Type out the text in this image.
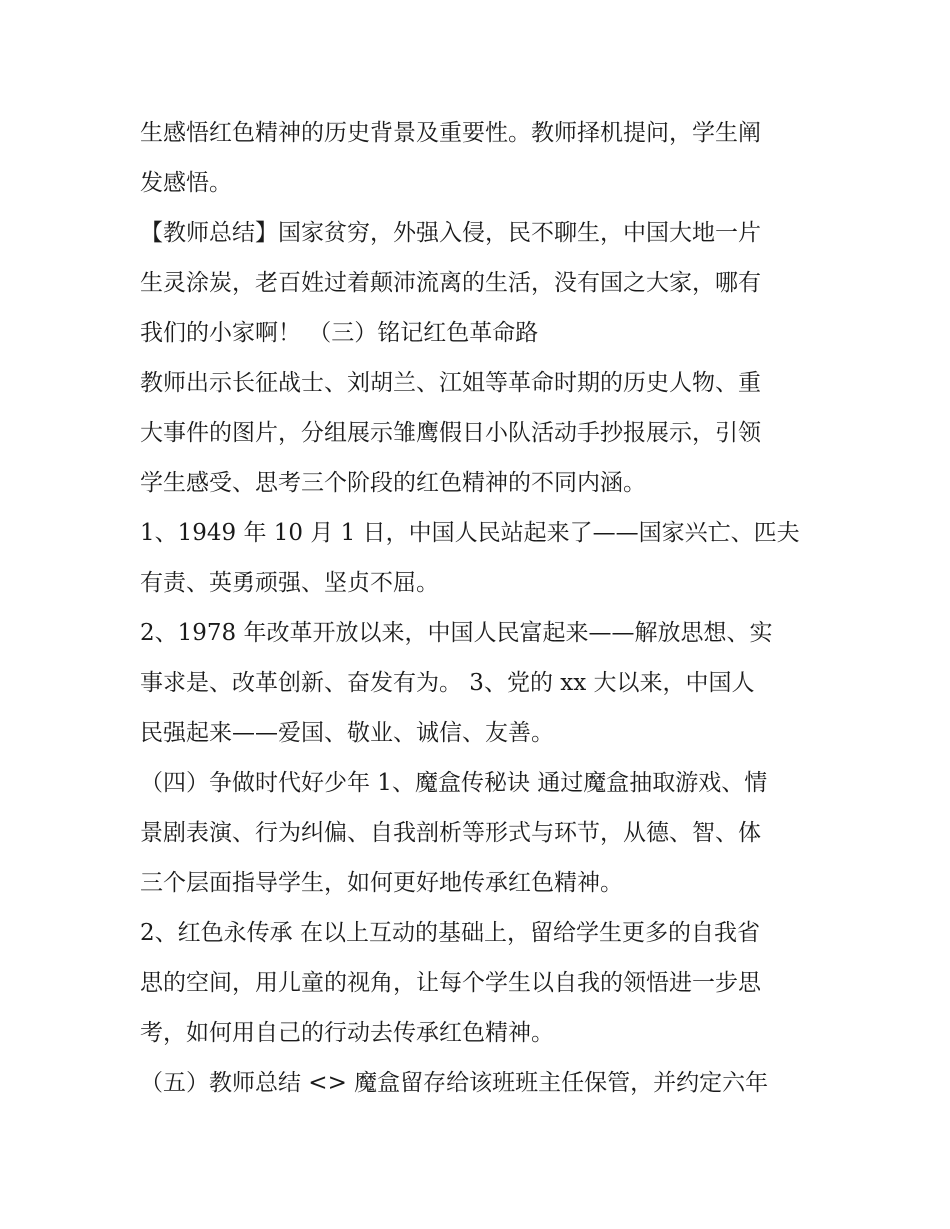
生感悟红色精神的历史背景及重要性。教师择机提问，学生阐
发感悟。
【教师总结】国家贫穷，外强入侵，民不聊生，中国大地一片
生灵涂炭，老百姓过着颠沛流离的生活，没有国之大家，哪有
我们的小家啊！ （三）铭记红色革命路
教师出示长征战士、刘胡兰、江姐等革命时期的历史人物、重
大事件的图片，分组展示雏鹰假日小队活动手抄报展示，引领
学生感受、思考三个阶段的红色精神的不同内涵。
1、1949 年 10 月 1 日，中国人民站起来了——国家兴亡、匹夫
有责、英勇顽强、坚贞不屈。
2、1978 年改革开放以来，中国人民富起来——解放思想、实
事求是、改革创新、奋发有为。 3、党的 xx 大以来，中国人
民强起来——爱国、敬业、诚信、友善。
（四）争做时代好少年 1、魔盒传秘诀 通过魔盒抽取游戏、情
景剧表演、行为纠偏、自我剖析等形式与环节，从德、智、体
三个层面指导学生，如何更好地传承红色精神。
2、红色永传承 在以上互动的基础上，留给学生更多的自我省
思的空间，用儿童的视角，让每个学生以自我的领悟进一步思
考，如何用自己的行动去传承红色精神。
（五）教师总结 <> 魔盒留存给该班班主任保管，并约定六年
